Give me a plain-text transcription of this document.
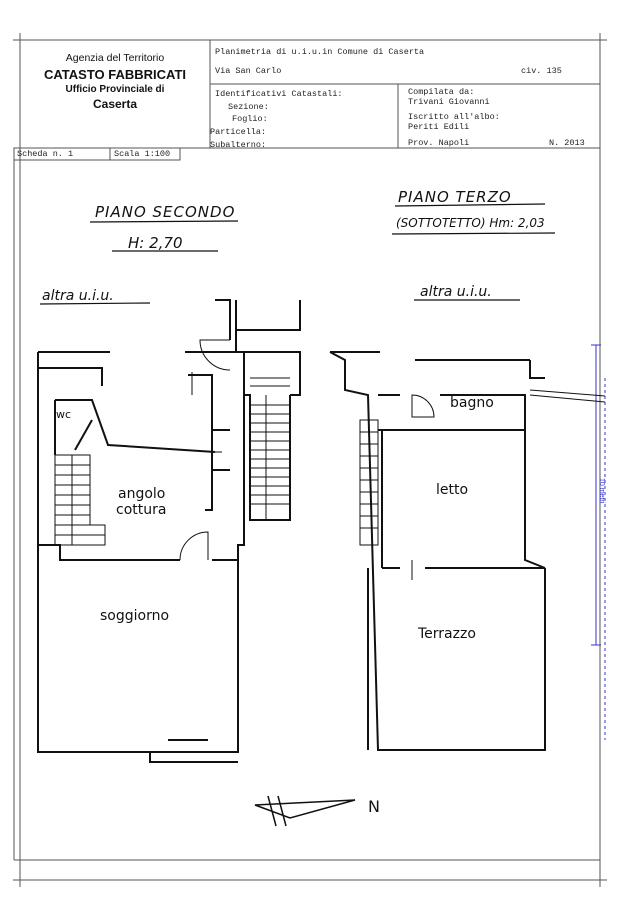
Agenzia del Territorio
CATASTO FABBRICATI
Ufficio Provinciale di
Caserta
Planimetria di u.i.u.in Comune di Caserta
Via San Carlo	civ. 135
Identificativi Catastali:
Sezione:
Foglio:
Particella:
Subalterno:
Compilata da:
Trivani Giovanni
Iscritto all'albo:
Periti Edili
Prov. Napoli	N. 2013
Scheda n. 1	Scala 1:100
PIANO SECONDO
H: 2,70
altra u.i.u.
PIANO TERZO
(SOTTOTETTO) Hm: 2,03
altra u.i.u.
wc
angolo
cottura
soggiorno
bagno
letto
Terrazzo
10 metri
N
